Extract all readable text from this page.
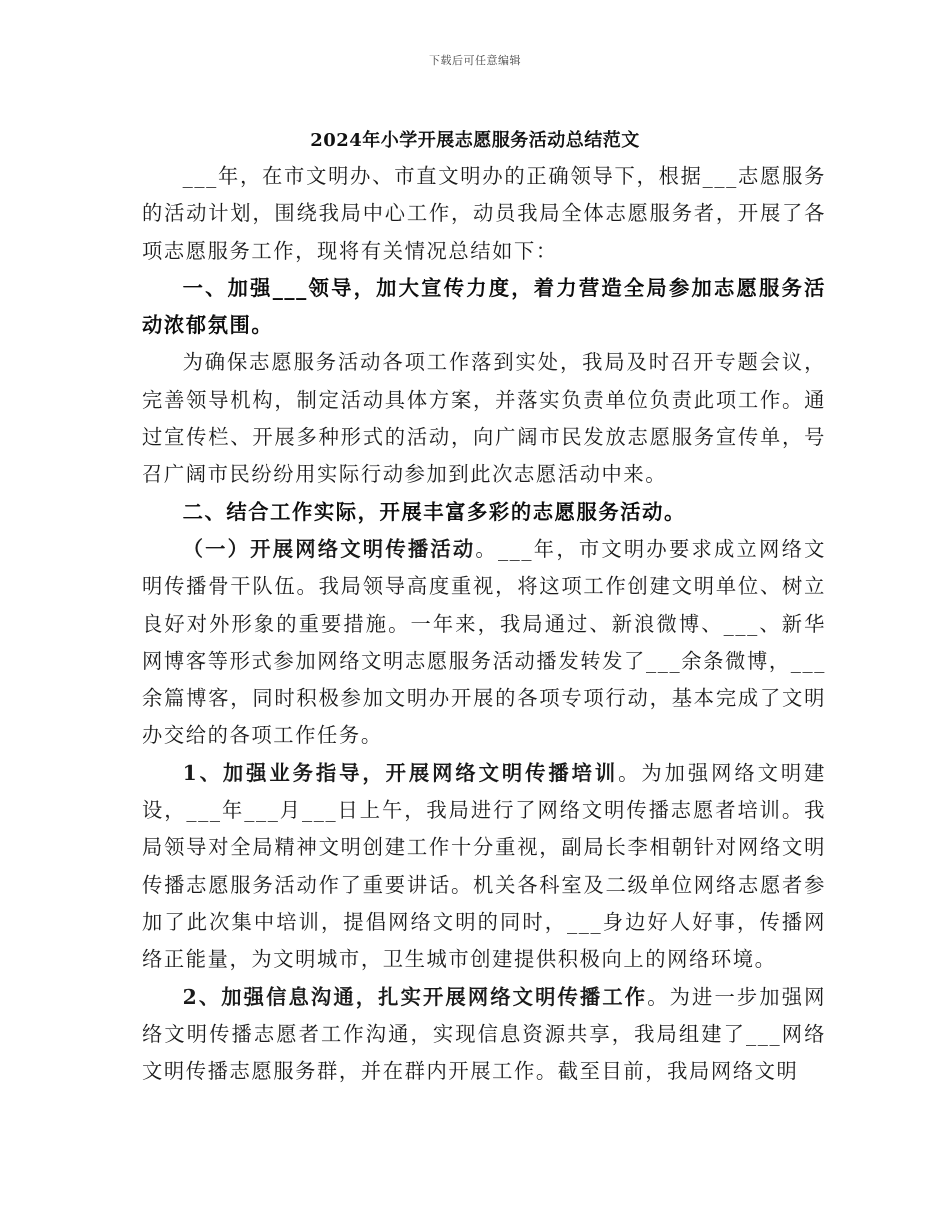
下载后可任意编辑
2024年小学开展志愿服务活动总结范文

___年，在市文明办、市直文明办的正确领导下，根据___志愿服务的活动计划，围绕我局中心工作，动员我局全体志愿服务者，开展了各项志愿服务工作，现将有关情况总结如下：

一、加强___领导，加大宣传力度，着力营造全局参加志愿服务活动浓郁氛围。

为确保志愿服务活动各项工作落到实处，我局及时召开专题会议，完善领导机构，制定活动具体方案，并落实负责单位负责此项工作。通过宣传栏、开展多种形式的活动，向广阔市民发放志愿服务宣传单，号召广阔市民纷纷用实际行动参加到此次志愿活动中来。

二、结合工作实际，开展丰富多彩的志愿服务活动。

（一）开展网络文明传播活动。___年，市文明办要求成立网络文明传播骨干队伍。我局领导高度重视，将这项工作创建文明单位、树立良好对外形象的重要措施。一年来，我局通过、新浪微博、___、新华网博客等形式参加网络文明志愿服务活动播发转发了___余条微博，___余篇博客，同时积极参加文明办开展的各项专项行动，基本完成了文明办交给的各项工作任务。

1、加强业务指导，开展网络文明传播培训。为加强网络文明建设，___年___月___日上午，我局进行了网络文明传播志愿者培训。我局领导对全局精神文明创建工作十分重视，副局长李相朝针对网络文明传播志愿服务活动作了重要讲话。机关各科室及二级单位网络志愿者参加了此次集中培训，提倡网络文明的同时，___身边好人好事，传播网络正能量，为文明城市，卫生城市创建提供积极向上的网络环境。

2、加强信息沟通，扎实开展网络文明传播工作。为进一步加强网络文明传播志愿者工作沟通，实现信息资源共享，我局组建了___网络文明传播志愿服务群，并在群内开展工作。截至目前，我局网络文明
